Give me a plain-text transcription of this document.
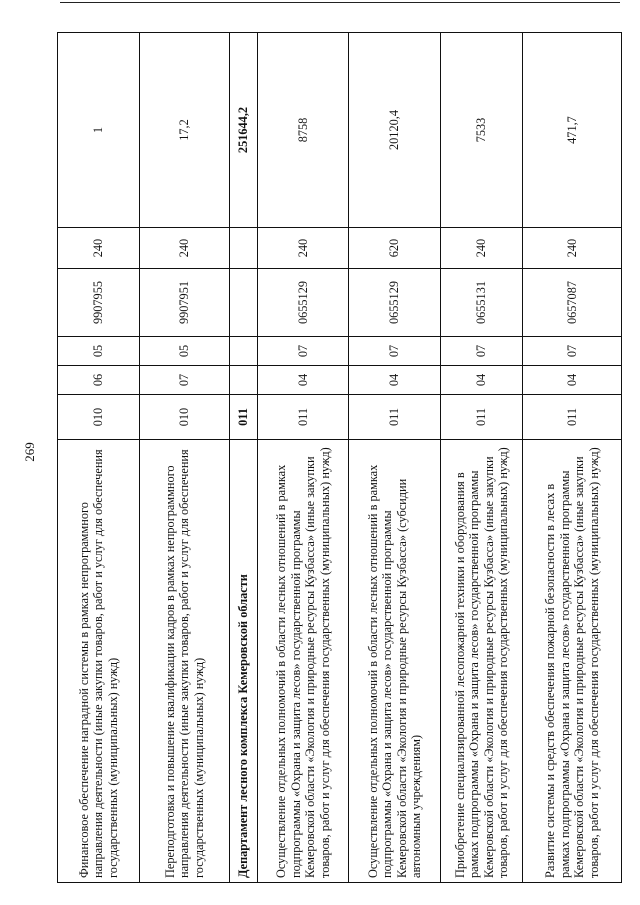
269
Финансовое обеспечение наградной системы в рамках непрограммного направления деятельности (иные закупки товаров, работ и услуг для обеспечения государственных (муниципальных) нужд)	010	06	05	9907955	240	1
Переподготовка и повышение квалификации кадров в рамках непрограммного направления деятельности (иные закупки товаров, работ и услуг для обеспечения государственных (муниципальных) нужд)	010	07	05	9907951	240	17,2
Департамент лесного комплекса Кемеровской области	011					251644,2
Осуществление отдельных полномочий в области лесных отношений в рамках подпрограммы «Охрана и защита лесов» государственной программы Кемеровской области «Экология и природные ресурсы Кузбасса» (иные закупки товаров, работ и услуг для обеспечения государственных (муниципальных) нужд)	011	04	07	0655129	240	8758
Осуществление отдельных полномочий в области лесных отношений в рамках подпрограммы «Охрана и защита лесов» государственной программы Кемеровской области «Экология и природные ресурсы Кузбасса» (субсидии автономным учреждениям)	011	04	07	0655129	620	20120,4
Приобретение специализированной лесопожарной техники и оборудования в рамках подпрограммы «Охрана и защита лесов» государственной программы Кемеровской области «Экология и природные ресурсы Кузбасса» (иные закупки товаров, работ и услуг для обеспечения государственных (муниципальных) нужд)	011	04	07	0655131	240	7533
Развитие системы и средств обеспечения пожарной безопасности в лесах в рамках подпрограммы «Охрана и защита лесов» государственной программы Кемеровской области «Экология и природные ресурсы Кузбасса» (иные закупки товаров, работ и услуг для обеспечения государственных (муниципальных) нужд)	011	04	07	0657087	240	471,7
